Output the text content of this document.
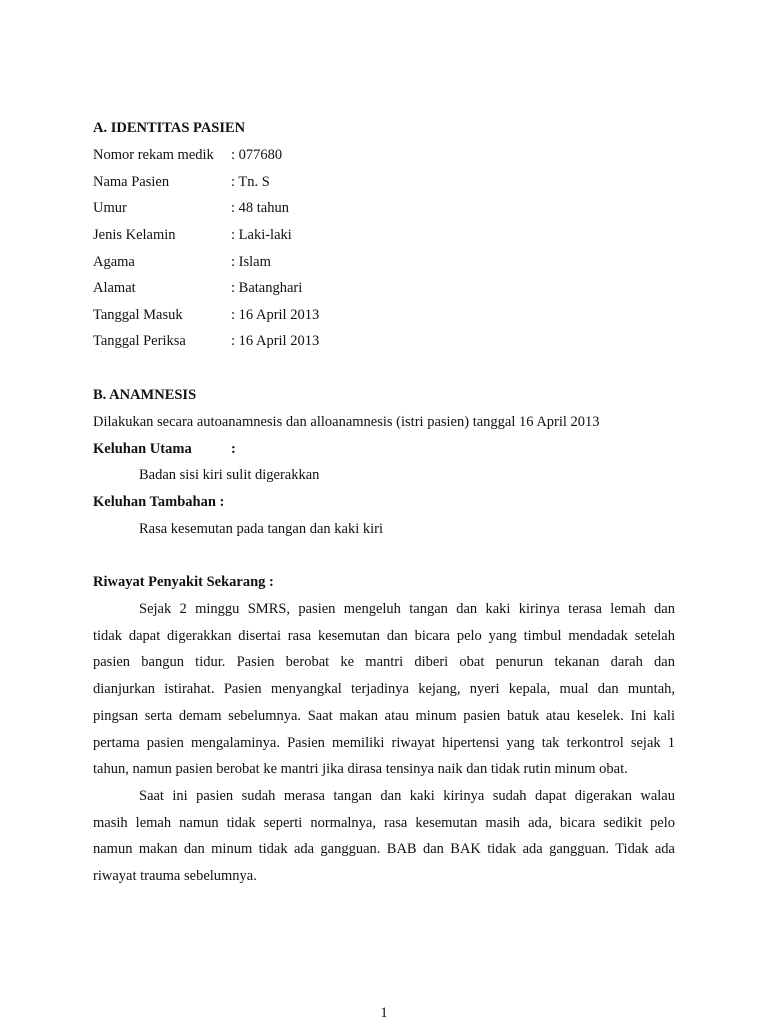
A. IDENTITAS PASIEN
Nomor rekam medik : 077680
Nama Pasien	: Tn. S
Umur	: 48 tahun
Jenis Kelamin	: Laki-laki
Agama	: Islam
Alamat	: Batanghari
Tanggal Masuk	: 16 April 2013
Tanggal Periksa	: 16 April 2013
B. ANAMNESIS
Dilakukan secara autoanamnesis dan alloanamnesis (istri pasien) tanggal 16 April 2013
Keluhan Utama	:
Badan sisi kiri sulit digerakkan
Keluhan Tambahan :
Rasa kesemutan pada tangan dan kaki kiri
Riwayat Penyakit Sekarang :
Sejak 2 minggu SMRS, pasien mengeluh tangan dan kaki kirinya terasa lemah dan
tidak dapat digerakkan disertai rasa kesemutan dan bicara pelo yang timbul mendadak setelah
pasien bangun tidur. Pasien berobat ke mantri diberi obat penurun tekanan darah dan
dianjurkan istirahat. Pasien menyangkal terjadinya kejang, nyeri kepala, mual dan muntah,
pingsan serta demam sebelumnya. Saat makan atau minum pasien batuk atau keselek. Ini kali
pertama pasien mengalaminya. Pasien memiliki riwayat hipertensi yang tak terkontrol sejak 1
tahun, namun pasien berobat ke mantri jika dirasa tensinya naik dan tidak rutin minum obat.
Saat ini pasien sudah merasa tangan dan kaki kirinya sudah dapat digerakan walau
masih lemah namun tidak seperti normalnya, rasa kesemutan masih ada, bicara sedikit pelo
namun makan dan minum tidak ada gangguan. BAB dan BAK tidak ada gangguan. Tidak ada
riwayat trauma sebelumnya.
1
